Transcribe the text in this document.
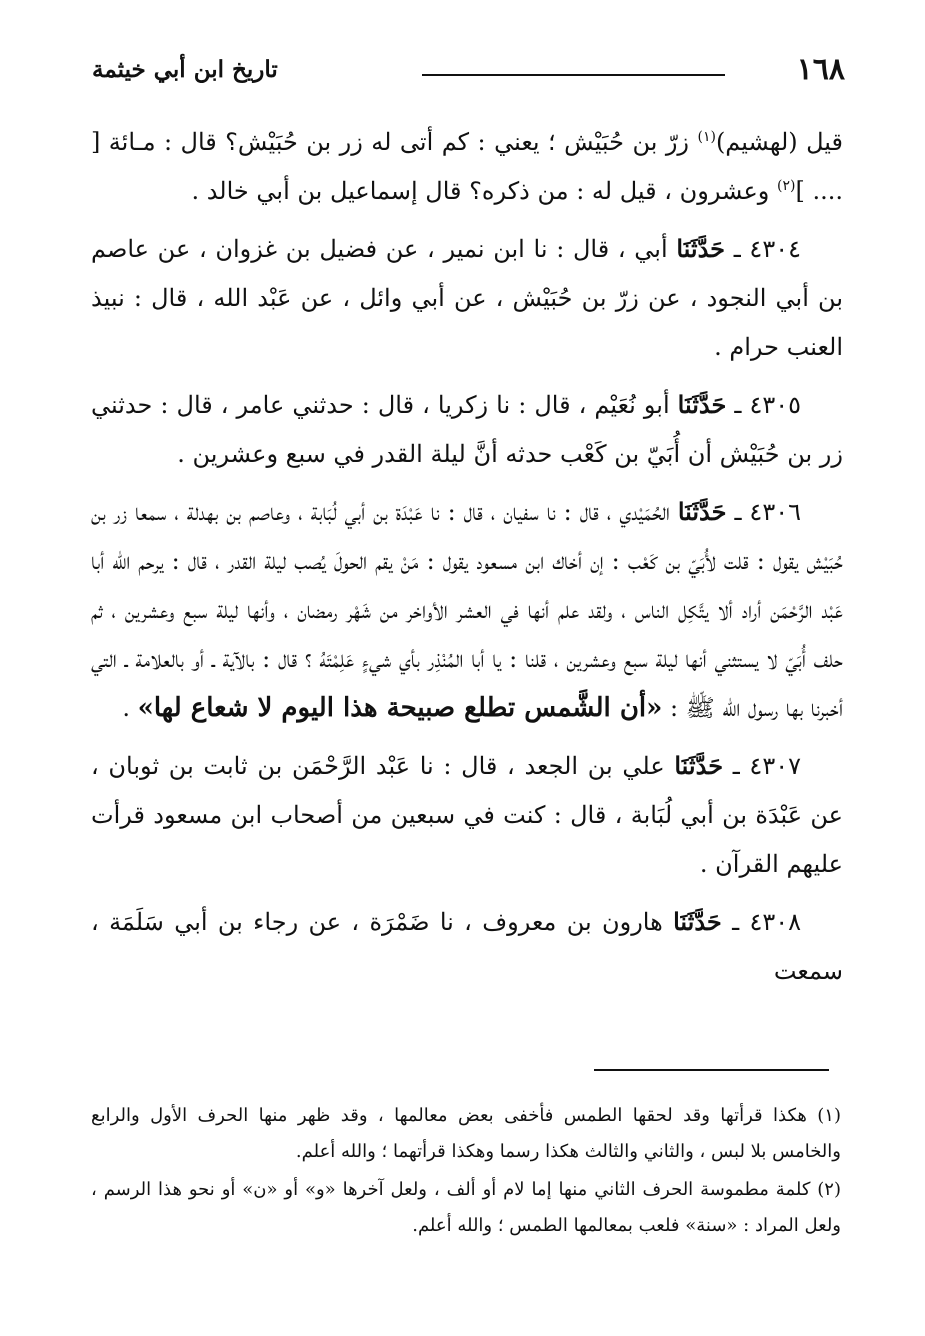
١٦٨
تاريخ ابن أبي خيثمة

قيل (لهشيم)$^{(١)}$ زرّ بن حُبَيْش ؛ يعني : كم أتى له زر بن حُبَيْش؟ قال : مـائة [ .... ]$^{(٢)}$ وعشرون ، قيل له : من ذكره؟ قال إسماعيل بن أبي خالد .

٤٣٠٤ ـ حَدَّثَنَا أبي ، قال : نا ابن نمير ، عن فضيل بن غزوان ، عن عاصم بن أبي النجود ، عن زرّ بن حُبَيْش ، عن أبي وائل ، عن عَبْد الله ، قال : نبيذ العنب حرام .

٤٣٠٥ ـ حَدَّثَنَا أبو نُعَيْم ، قال : نا زكريا ، قال : حدثني عامر ، قال : حدثني زر بن حُبَيْش أن أُبَيّ بن كَعْب حدثه أنَّ ليلة القدر في سبع وعشرين .

٤٣٠٦ ـ حَدَّثَنَا الحُمَيْدي ، قال : نا سفيان ، قال : نا عَبْدَة بن أبي لُبَابة ، وعاصم بن بهدلة ، سمعا زر بن حُبَيْش يقول : قلت لأُبَيّ بن كَعْب : إن أخاك ابن مسعود يقول : مَنْ يقم الحولَ يُصب ليلة القدر ، قال : يرحم الله أبا عَبْد الرَّحْمَن أراد ألا يتَّكِل الناس ، ولقد علم أنها في العشر الأواخر من شَهْر رمضان ، وأنها ليلة سبع وعشرين ، ثم حلف أُبَيّ لا يستثني أنها ليلة سبع وعشرين ، قلنا : يا أبا المُنْذِر بأي شيءٍ عَلِمْتَهُ ؟ قال : بالآية ـ أو بالعلامة ـ التي أخبرنا بها رسول الله ﷺ : «أن الشَّمس تطلع صبيحة هذا اليوم لا شعاع لها» .

٤٣٠٧ ـ حَدَّثَنَا علي بن الجعد ، قال : نا عَبْد الرَّحْمَن بن ثابت بن ثوبان ، عن عَبْدَة بن أبي لُبَابة ، قال : كنت في سبعين من أصحاب ابن مسعود قرأت عليهم القرآن .

٤٣٠٨ ـ حَدَّثَنَا هارون بن معروف ، نا ضَمْرَة ، عن رجاء بن أبي سَلَمَة ، سمعت

(١) هكذا قرأتها وقد لحقها الطمس فأخفى بعض معالمها ، وقد ظهر منها الحرف الأول والرابع والخامس بلا لبس ، والثاني والثالث هكذا رسما وهكذا قرأتهما ؛ والله أعلم.

(٢) كلمة مطموسة الحرف الثاني منها إما لام أو ألف ، ولعل آخرها «و» أو «ن» أو نحو هذا الرسم ، ولعل المراد : «سنة» فلعب بمعالمها الطمس ؛ والله أعلم.
